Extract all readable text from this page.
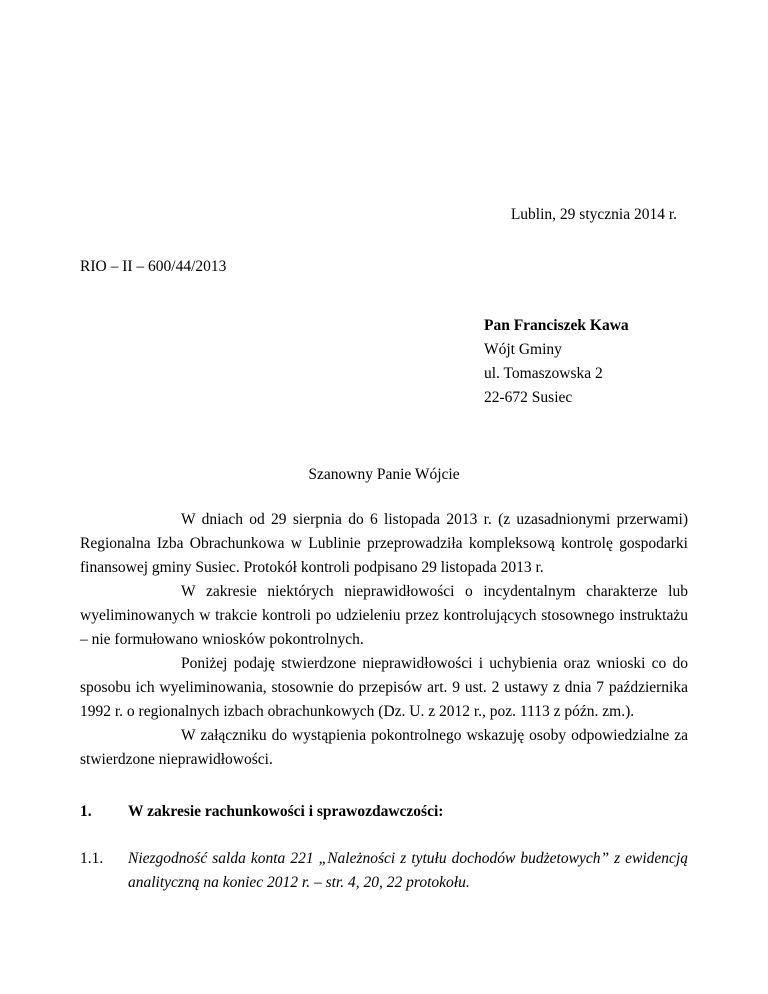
Lublin, 29 stycznia 2014 r.
RIO – II – 600/44/2013
Pan Franciszek Kawa
Wójt Gminy
ul. Tomaszowska 2
22-672 Susiec
Szanowny Panie Wójcie
W dniach od 29 sierpnia do 6 listopada 2013 r. (z uzasadnionymi przerwami) Regionalna Izba Obrachunkowa w Lublinie przeprowadziła kompleksową kontrolę gospodarki finansowej gminy Susiec. Protokół kontroli podpisano 29 listopada 2013 r.
W zakresie niektórych nieprawidłowości o incydentalnym charakterze lub wyeliminowanych w trakcie kontroli po udzieleniu przez kontrolujących stosownego instruktażu – nie formułowano wniosków pokontrolnych.
Poniżej podaję stwierdzone nieprawidłowości i uchybienia oraz wnioski co do sposobu ich wyeliminowania, stosownie do przepisów art. 9 ust. 2 ustawy z dnia 7 października 1992 r. o regionalnych izbach obrachunkowych (Dz. U. z 2012 r., poz. 1113 z późn. zm.).
W załączniku do wystąpienia pokontrolnego wskazuję osoby odpowiedzialne za stwierdzone nieprawidłowości.
1. W zakresie rachunkowości i sprawozdawczości:
1.1. Niezgodność salda konta 221 „Należności z tytułu dochodów budżetowych” z ewidencją analityczną na koniec 2012 r. – str. 4, 20, 22 protokołu.
